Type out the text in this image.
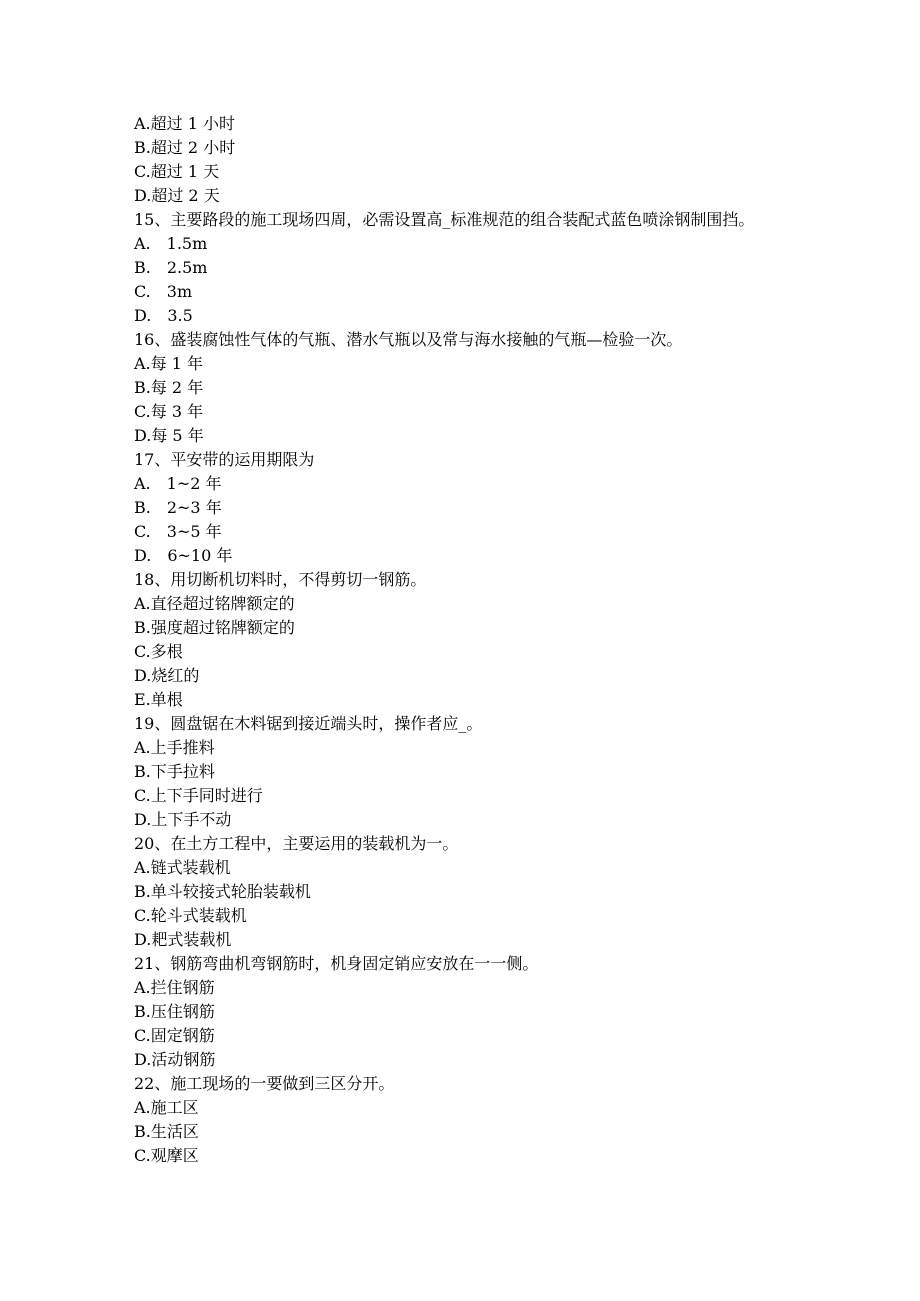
A.超过 1 小时
B.超过 2 小时
C.超过 1 天
D.超过 2 天
15、主要路段的施工现场四周，必需设置高_标准规范的组合装配式蓝色喷涂钢制围挡。
A.　1.5m
B.　2.5m
C.　3m
D.　3.5
16、盛装腐蚀性气体的气瓶、潜水气瓶以及常与海水接触的气瓶—检验一次。
A.每 1 年
B.每 2 年
C.每 3 年
D.每 5 年
17、平安带的运用期限为
A.　1~2 年
B.　2~3 年
C.　3~5 年
D.　6~10 年
18、用切断机切料时，不得剪切一钢筋。
A.直径超过铭牌额定的
B.强度超过铭牌额定的
C.多根
D.烧红的
E.单根
19、圆盘锯在木料锯到接近端头时，操作者应_。
A.上手推料
B.下手拉料
C.上下手同时进行
D.上下手不动
20、在土方工程中，主要运用的装载机为一。
A.链式装载机
B.单斗较接式轮胎装载机
C.轮斗式装载机
D.耙式装载机
21、钢筋弯曲机弯钢筋时，机身固定销应安放在一一侧。
A.拦住钢筋
B.压住钢筋
C.固定钢筋
D.活动钢筋
22、施工现场的一要做到三区分开。
A.施工区
B.生活区
C.观摩区
